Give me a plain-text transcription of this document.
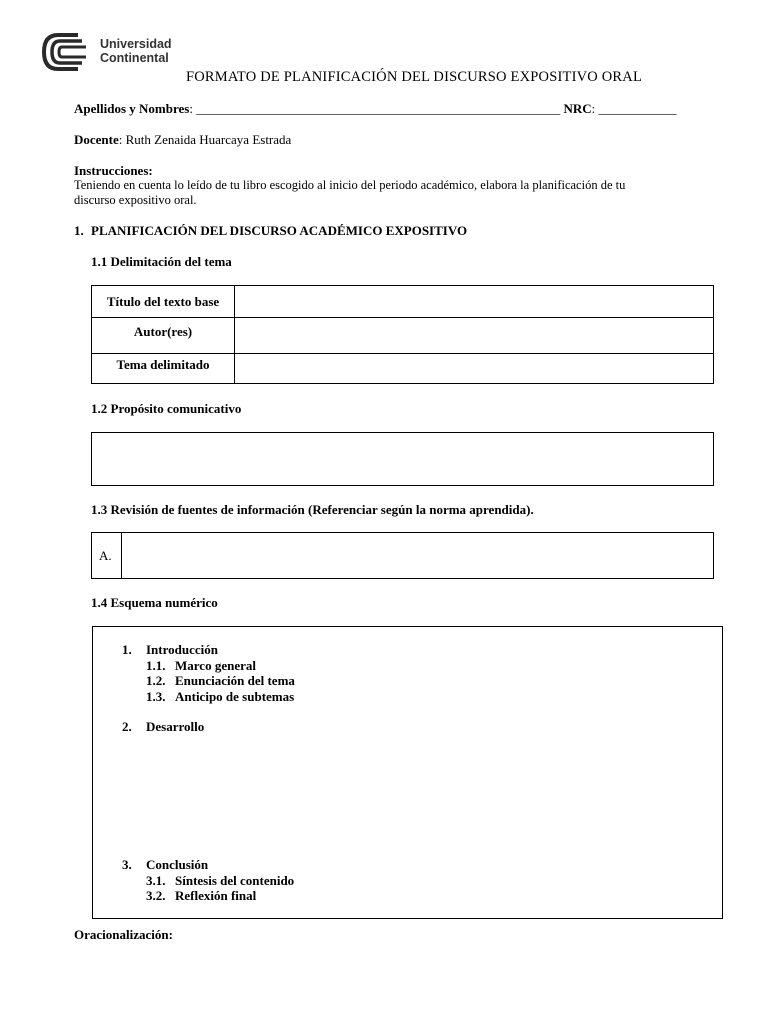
Universidad
Continental
FORMATO DE PLANIFICACIÓN DEL DISCURSO EXPOSITIVO ORAL
Apellidos y Nombres: ________________________________________________________ NRC: ____________
Docente: Ruth Zenaida Huarcaya Estrada
Instrucciones:
Teniendo en cuenta lo leído de tu libro escogido al inicio del periodo académico, elabora la planificación de tu
discurso expositivo oral.
1. PLANIFICACIÓN DEL DISCURSO ACADÉMICO EXPOSITIVO
1.1 Delimitación del tema
Título del texto base	
Autor(res)	
Tema delimitado	
1.2 Propósito comunicativo
1.3 Revisión de fuentes de información (Referenciar según la norma aprendida).
A.
1.4 Esquema numérico
1. Introducción
1.1. Marco general
1.2. Enunciación del tema
1.3. Anticipo de subtemas
2. Desarrollo
3. Conclusión
3.1. Síntesis del contenido
3.2. Reflexión final
Oracionalización:
